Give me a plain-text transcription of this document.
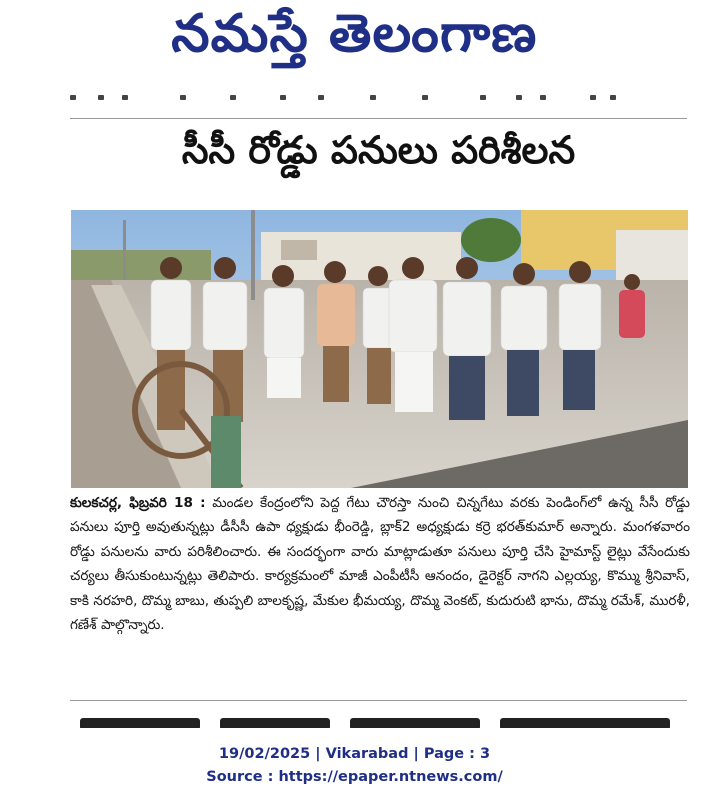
నమస్తే తెలంగాణ
సీసీ రోడ్డు పనులు పరిశీలన
కులకచర్ల, ఫిబ్రవరి 18 : మండల కేంద్రంలోని పెద్ద గేటు చౌరస్తా నుంచి చిన్నగేటు వరకు పెండింగ్‌లో ఉన్న సీసీ రోడ్డు పనులు పూర్తి అవుతున్నట్లు డీసీసీ ఉపా ధ్యక్షుడు భీంరెడ్డి, బ్లాక్2 అధ్యక్షుడు కర్రె భరత్‌కుమార్ అన్నారు. మంగళవారం రోడ్డు పనులను వారు పరిశీలించారు. ఈ సందర్భంగా వారు మాట్లాడుతూ పనులు పూర్తి చేసి హైమాస్ట్ లైట్లు వేసేందుకు చర్యలు తీసుకుంటున్నట్లు తెలిపారు. కార్యక్రమంలో మాజీ ఎంపీటీసీ ఆనందం, డైరెక్టర్ నాగని ఎల్లయ్య, కొమ్ము శ్రీనివాస్, కాకి నరహరి, దొమ్మ బాబు, తుప్పలి బాలకృష్ణ, మేకుల భీమయ్య, దొమ్మ వెంకట్, కుదురుటి భాను, దొమ్మ రమేశ్, మురళీ, గణేశ్ పాల్గొన్నారు.
19/02/2025 | Vikarabad | Page : 3
Source : https://epaper.ntnews.com/
